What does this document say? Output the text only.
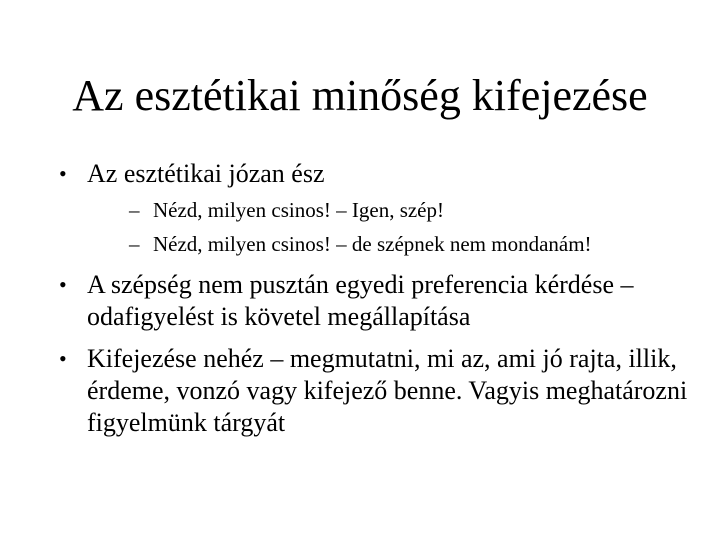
Az esztétikai minőség kifejezése
• Az esztétikai józan ész
– Nézd, milyen csinos! – Igen, szép!
– Nézd, milyen csinos! – de szépnek nem mondanám!
• A szépség nem pusztán egyedi preferencia kérdése – odafigyelést is követel megállapítása
• Kifejezése nehéz – megmutatni, mi az, ami jó rajta, illik, érdeme, vonzó vagy kifejező benne. Vagyis meghatározni figyelmünk tárgyát
